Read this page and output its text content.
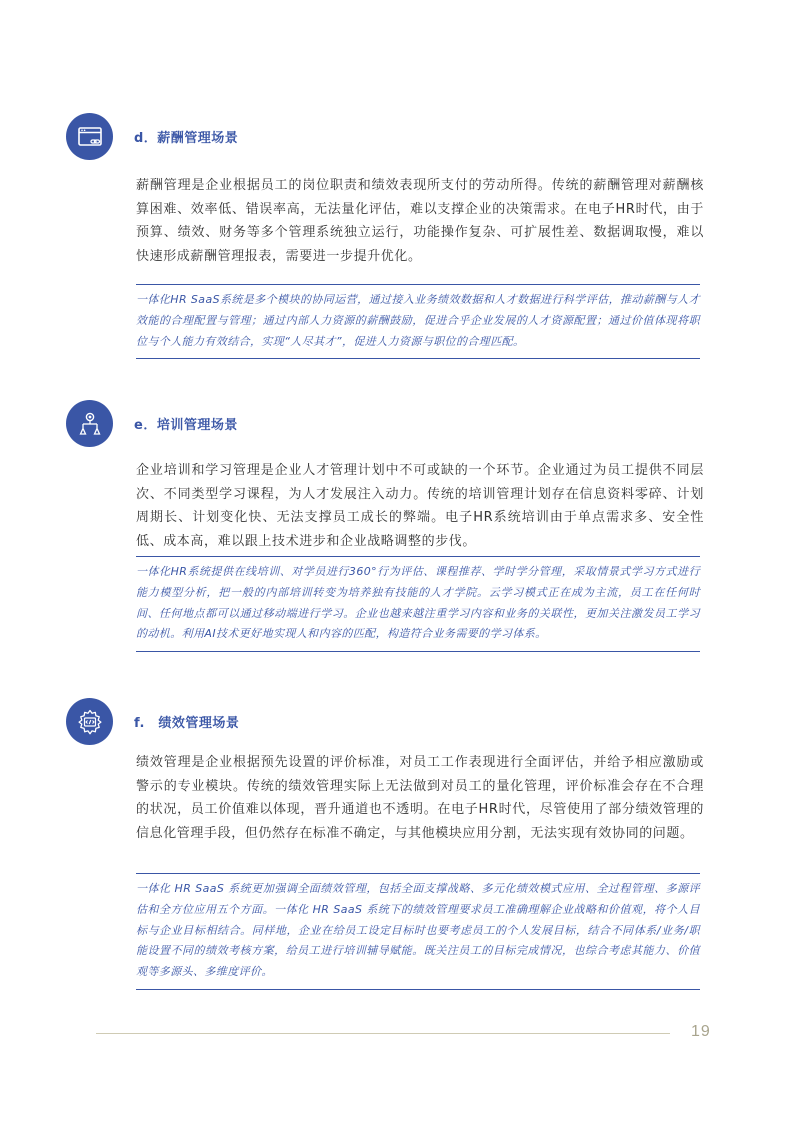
d．薪酬管理场景
薪酬管理是企业根据员工的岗位职责和绩效表现所支付的劳动所得。传统的薪酬管理对薪酬核算困难、效率低、错误率高，无法量化评估，难以支撑企业的决策需求。在电子HR时代，由于预算、绩效、财务等多个管理系统独立运行，功能操作复杂、可扩展性差、数据调取慢，难以快速形成薪酬管理报表，需要进一步提升优化。

一体化HR SaaS系统是多个模块的协同运营，通过接入业务绩效数据和人才数据进行科学评估，推动薪酬与人才效能的合理配置与管理；通过内部人力资源的薪酬鼓励，促进合乎企业发展的人才资源配置；通过价值体现将职位与个人能力有效结合，实现“人尽其才”，促进人力资源与职位的合理匹配。

e．培训管理场景
企业培训和学习管理是企业人才管理计划中不可或缺的一个环节。企业通过为员工提供不同层次、不同类型学习课程，为人才发展注入动力。传统的培训管理计划存在信息资料零碎、计划周期长、计划变化快、无法支撑员工成长的弊端。电子HR系统培训由于单点需求多、安全性低、成本高，难以跟上技术进步和企业战略调整的步伐。

一体化HR系统提供在线培训、对学员进行360°行为评估、课程推荐、学时学分管理，采取情景式学习方式进行能力模型分析，把一般的内部培训转变为培养独有技能的人才学院。云学习模式正在成为主流，员工在任何时间、任何地点都可以通过移动端进行学习。企业也越来越注重学习内容和业务的关联性，更加关注激发员工学习的动机。利用AI技术更好地实现人和内容的匹配，构造符合业务需要的学习体系。

f.　绩效管理场景
绩效管理是企业根据预先设置的评价标准，对员工工作表现进行全面评估，并给予相应激励或警示的专业模块。传统的绩效管理实际上无法做到对员工的量化管理，评价标准会存在不合理的状况，员工价值难以体现，晋升通道也不透明。在电子HR时代，尽管使用了部分绩效管理的信息化管理手段，但仍然存在标准不确定，与其他模块应用分割，无法实现有效协同的问题。

一体化 HR SaaS 系统更加强调全面绩效管理，包括全面支撑战略、多元化绩效模式应用、全过程管理、多源评估和全方位应用五个方面。一体化 HR SaaS 系统下的绩效管理要求员工准确理解企业战略和价值观，将个人目标与企业目标相结合。同样地，企业在给员工设定目标时也要考虑员工的个人发展目标，结合不同体系/业务/职能设置不同的绩效考核方案，给员工进行培训辅导赋能。既关注员工的目标完成情况，也综合考虑其能力、价值观等多源头、多维度评价。

19
